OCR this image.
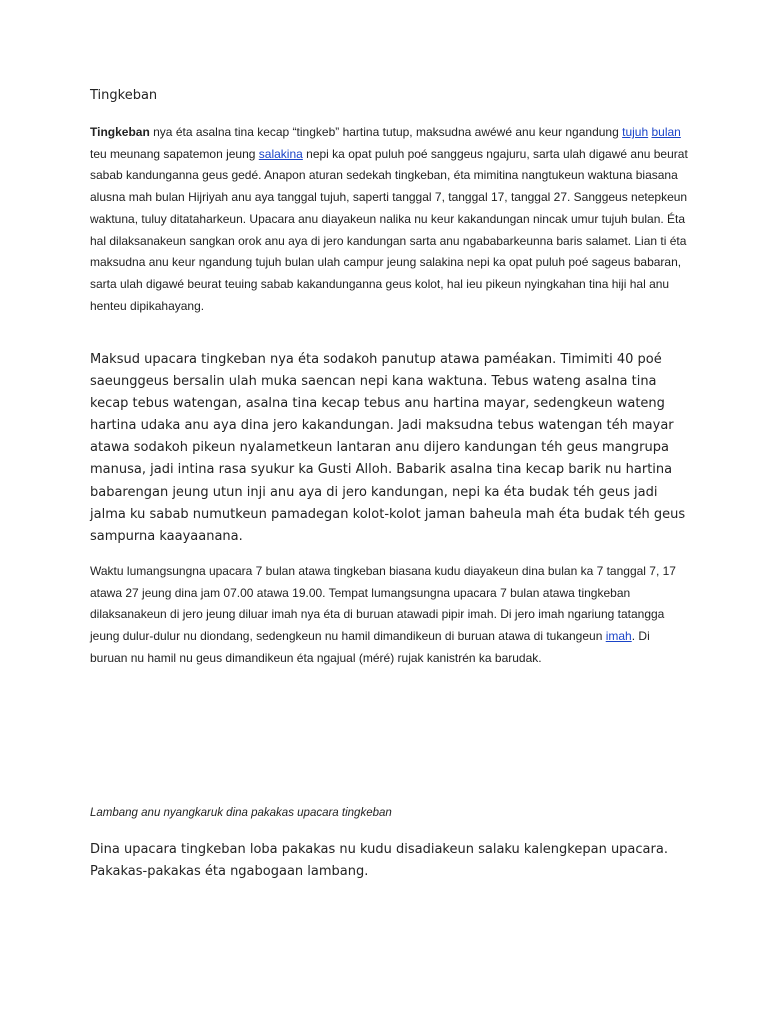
Tingkeban

Tingkeban nya éta asalna tina kecap “tingkeb” hartina tutup, maksudna awéwé anu keur ngandung tujuh bulan teu meunang sapatemon jeung salakina nepi ka opat puluh poé sanggeus ngajuru, sarta ulah digawé anu beurat sabab kandunganna geus gedé. Anapon aturan sedekah tingkeban, éta mimitina nangtukeun waktuna biasana alusna mah bulan Hijriyah anu aya tanggal tujuh, saperti tanggal 7, tanggal 17, tanggal 27. Sanggeus netepkeun waktuna, tuluy ditataharkeun. Upacara anu diayakeun nalika nu keur kakandungan nincak umur tujuh bulan. Éta hal dilaksanakeun sangkan orok anu aya di jero kandungan sarta anu ngababarkeunna baris salamet. Lian ti éta maksudna anu keur ngandung tujuh bulan ulah campur jeung salakina nepi ka opat puluh poé sageus babaran, sarta ulah digawé beurat teuing sabab kakandunganna geus kolot, hal ieu pikeun nyingkahan tina hiji hal anu henteu dipikahayang.

Maksud upacara tingkeban nya éta sodakoh panutup atawa paméakan. Timimiti 40 poé saeunggeus bersalin ulah muka saencan nepi kana waktuna. Tebus wateng asalna tina kecap tebus watengan, asalna tina kecap tebus anu hartina mayar, sedengkeun wateng hartina udaka anu aya dina jero kakandungan. Jadi maksudna tebus watengan téh mayar atawa sodakoh pikeun nyalametkeun lantaran anu dijero kandungan téh geus mangrupa manusa, jadi intina rasa syukur ka Gusti Alloh. Babarik asalna tina kecap barik nu hartina babarengan jeung utun inji anu aya di jero kandungan, nepi ka éta budak téh geus jadi jalma ku sabab numutkeun pamadegan kolot-kolot jaman baheula mah éta budak téh geus sampurna kaayaanana.

Waktu lumangsungna upacara 7 bulan atawa tingkeban biasana kudu diayakeun dina bulan ka 7 tanggal 7, 17 atawa 27 jeung dina jam 07.00 atawa 19.00. Tempat lumangsungna upacara 7 bulan atawa tingkeban dilaksanakeun di jero jeung diluar imah nya éta di buruan atawadi pipir imah. Di jero imah ngariung tatangga jeung dulur-dulur nu diondang, sedengkeun nu hamil dimandikeun di buruan atawa di tukangeun imah. Di buruan nu hamil nu geus dimandikeun éta ngajual (méré) rujak kanistrén ka barudak.

Lambang anu nyangkaruk dina pakakas upacara tingkeban

Dina upacara tingkeban loba pakakas nu kudu disadiakeun salaku kalengkepan upacara. Pakakas-pakakas éta ngabogaan lambang.
